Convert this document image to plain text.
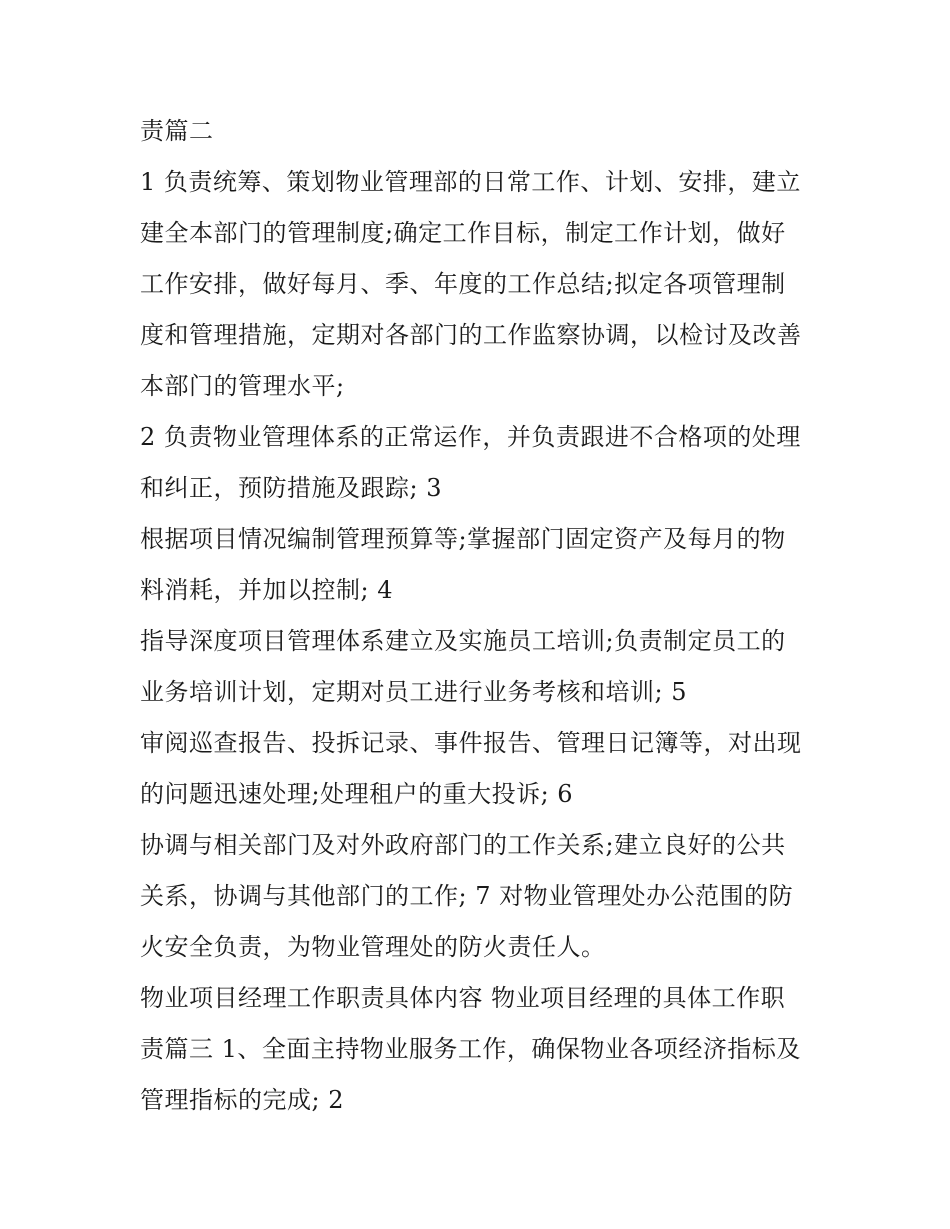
责篇二
1 负责统筹、策划物业管理部的日常工作、计划、安排，建立
建全本部门的管理制度;确定工作目标，制定工作计划，做好
工作安排，做好每月、季、年度的工作总结;拟定各项管理制
度和管理措施，定期对各部门的工作监察协调，以检讨及改善
本部门的管理水平;
2 负责物业管理体系的正常运作，并负责跟进不合格项的处理
和纠正，预防措施及跟踪; 3
根据项目情况编制管理预算等;掌握部门固定资产及每月的物
料消耗，并加以控制; 4
指导深度项目管理体系建立及实施员工培训;负责制定员工的
业务培训计划，定期对员工进行业务考核和培训; 5
审阅巡查报告、投拆记录、事件报告、管理日记簿等，对出现
的问题迅速处理;处理租户的重大投诉; 6
协调与相关部门及对外政府部门的工作关系;建立良好的公共
关系，协调与其他部门的工作; 7 对物业管理处办公范围的防
火安全负责，为物业管理处的防火责任人。
物业项目经理工作职责具体内容 物业项目经理的具体工作职
责篇三 1、全面主持物业服务工作，确保物业各项经济指标及
管理指标的完成; 2
